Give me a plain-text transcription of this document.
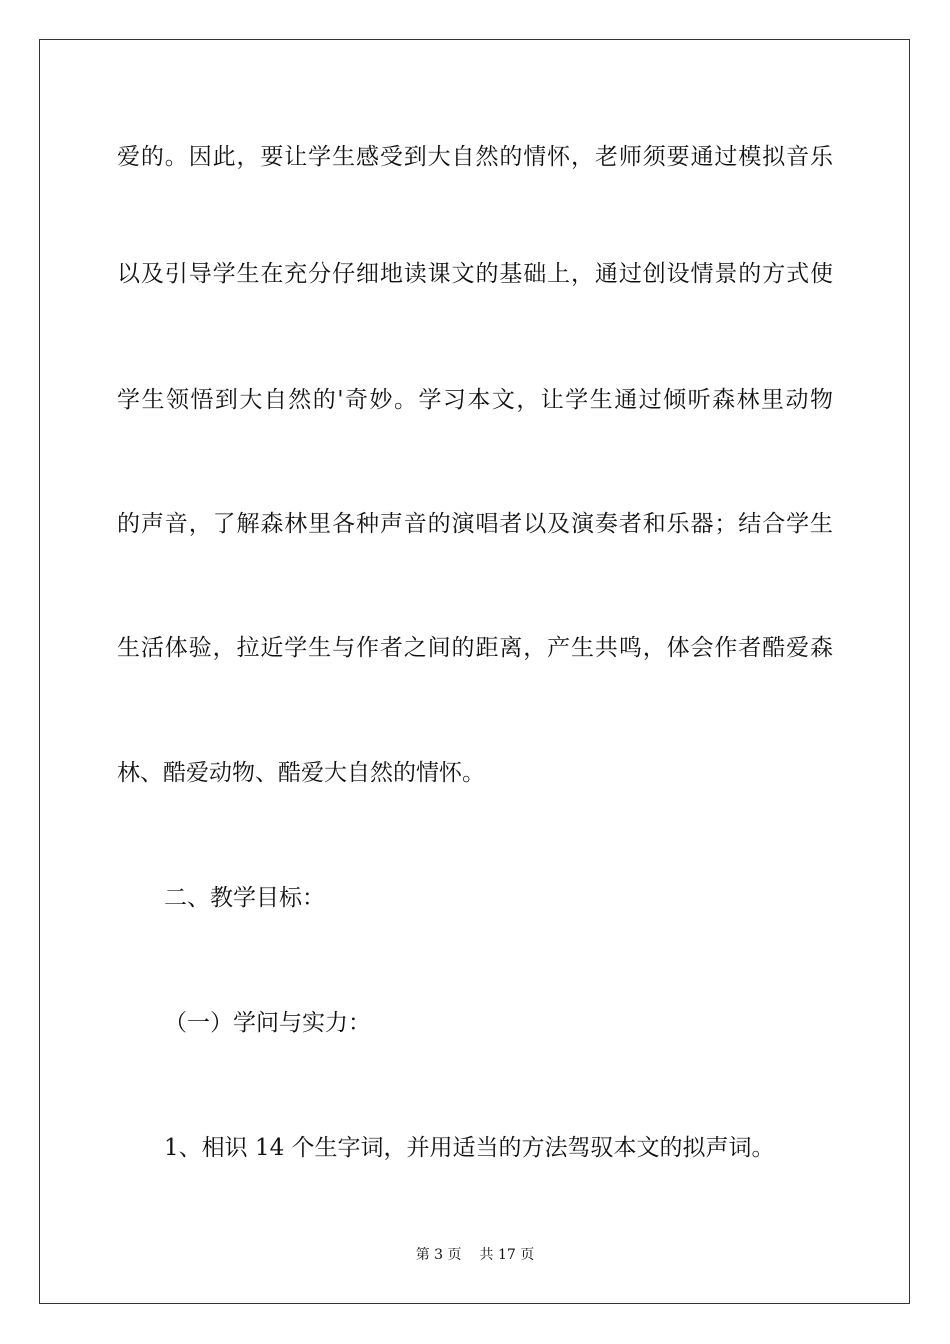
爱的。因此，要让学生感受到大自然的情怀，老师须要通过模拟音乐
以及引导学生在充分仔细地读课文的基础上，通过创设情景的方式使
学生领悟到大自然的'奇妙。学习本文，让学生通过倾听森林里动物
的声音，了解森林里各种声音的演唱者以及演奏者和乐器；结合学生
生活体验，拉近学生与作者之间的距离，产生共鸣，体会作者酷爱森
林、酷爱动物、酷爱大自然的情怀。
二、教学目标：
（一）学问与实力：
1、相识 14 个生字词，并用适当的方法驾驭本文的拟声词。
第 3 页 共 17 页
